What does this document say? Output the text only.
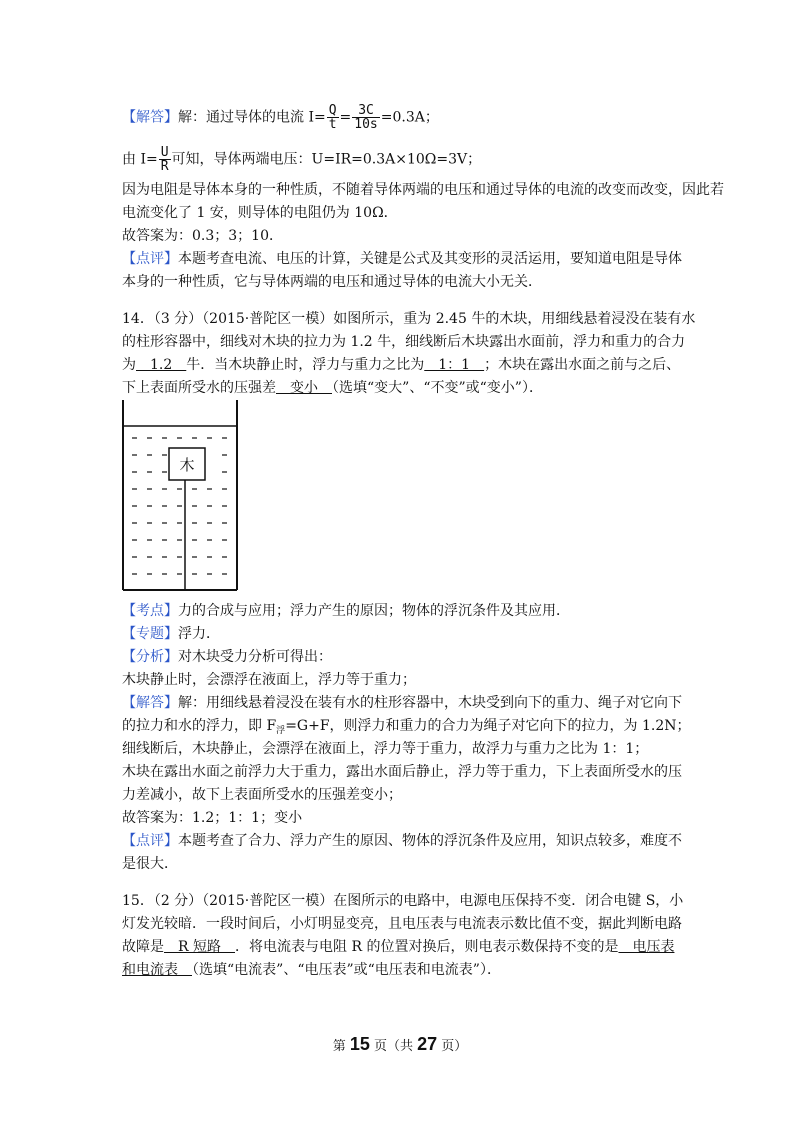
【解答】解：通过导体的电流 $I= \frac{Q}{t} = \frac{3C}{10s} =0.3A$；
由 $I= \frac{U}{R}$ 可知，导体两端电压：U=IR=0.3A×10Ω=3V；
因为电阻是导体本身的一种性质，不随着导体两端的电压和通过导体的电流的改变而改变，因此若
电流变化了 1 安，则导体的电阻仍为 10Ω．
故答案为：0.3；3；10．
【点评】本题考查电流、电压的计算，关键是公式及其变形的灵活运用，要知道电阻是导体
本身的一种性质，它与导体两端的电压和通过导体的电流大小无关．
14．（3 分）（2015·普陀区一模）如图所示，重为 2.45 牛的木块，用细线悬着浸没在装有水
的柱形容器中，细线对木块的拉力为 1.2 牛，细线断后木块露出水面前，浮力和重力的合力
为　1.2　牛．当木块静止时，浮力与重力之比为　1：1　；木块在露出水面之前与之后、
下上表面所受水的压强差　变小　（选填“变大”、“不变”或“变小”）．
木
【考点】力的合成与应用；浮力产生的原因；物体的浮沉条件及其应用．
【专题】浮力．
【分析】对木块受力分析可得出：
木块静止时，会漂浮在液面上，浮力等于重力；
【解答】解：用细线悬着浸没在装有水的柱形容器中，木块受到向下的重力、绳子对它向下
的拉力和水的浮力，即 $F_浮=G+F$，则浮力和重力的合力为绳子对它向下的拉力，为 1.2N；
细线断后，木块静止，会漂浮在液面上，浮力等于重力，故浮力与重力之比为 1：1；
木块在露出水面之前浮力大于重力，露出水面后静止，浮力等于重力，下上表面所受水的压
力差减小，故下上表面所受水的压强差变小；
故答案为：1.2；1：1；变小
【点评】本题考查了合力、浮力产生的原因、物体的浮沉条件及应用，知识点较多，难度不
是很大．
15．（2 分）（2015·普陀区一模）在图所示的电路中，电源电压保持不变．闭合电键 S，小
灯发光较暗．一段时间后，小灯明显变亮，且电压表与电流表示数比值不变，据此判断电路
故障是　R 短路　．将电流表与电阻 R 的位置对换后，则电表示数保持不变的是　电压表
和电流表　（选填“电流表”、“电压表”或“电压表和电流表”）．
第 15 页（共 27 页）
